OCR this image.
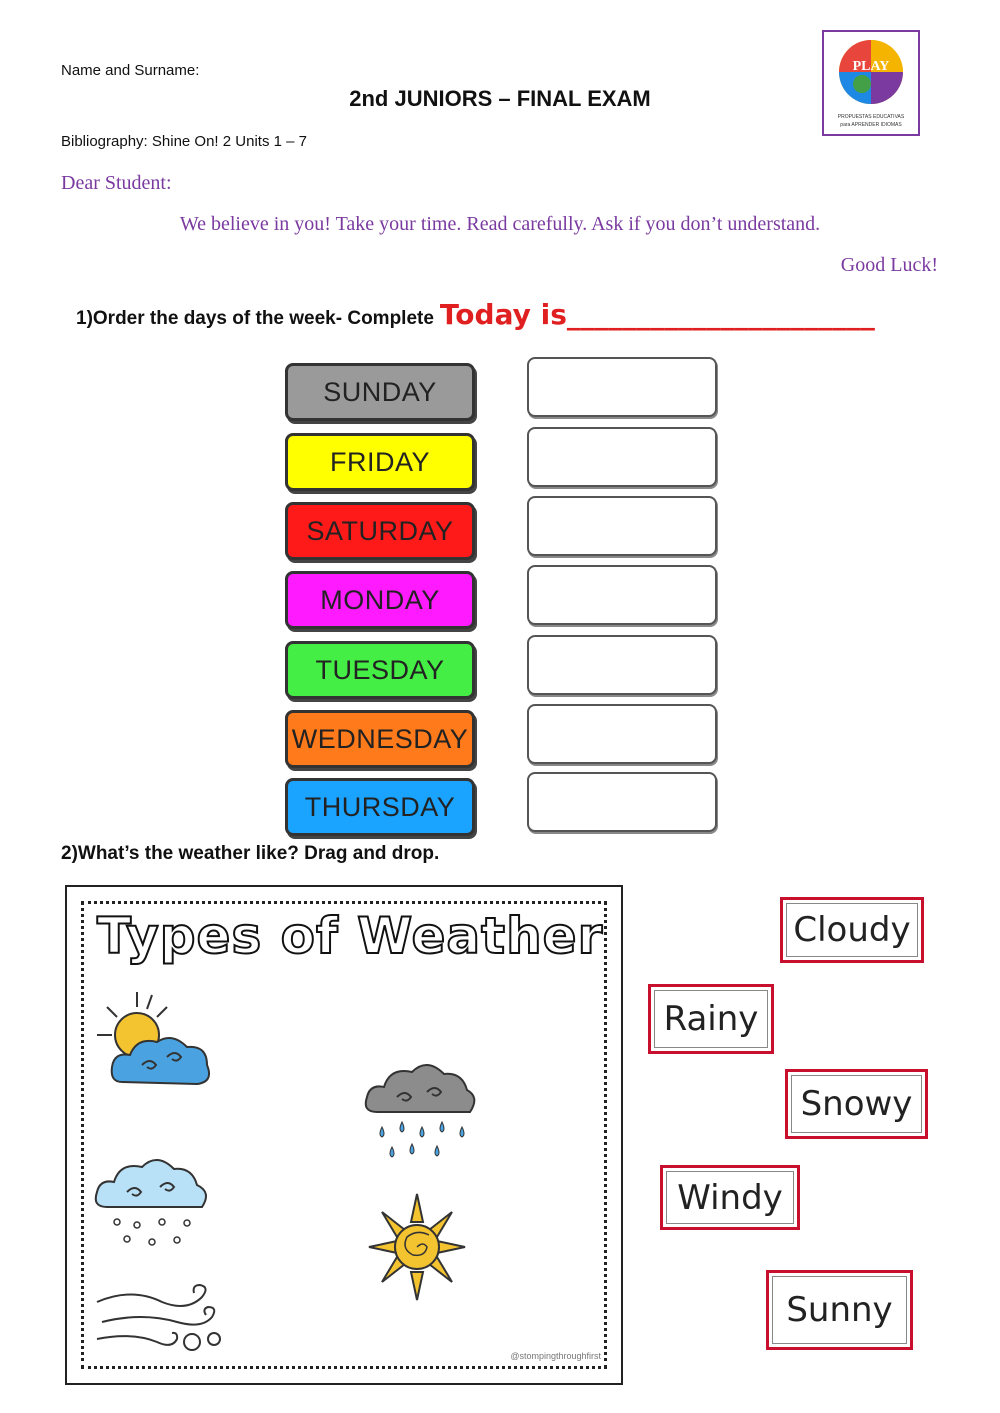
Name and Surname:
2nd JUNIORS – FINAL EXAM
Bibliography: Shine On! 2 Units 1 – 7
PLAY
PROPUESTAS EDUCATIVAS
para APRENDER IDIOMAS
Dear Student:
We believe in you! Take your time. Read carefully. Ask if you don’t understand.
Good Luck!
1)Order the days of the week- Complete Today is ______________________
SUNDAY
FRIDAY
SATURDAY
MONDAY
TUESDAY
WEDNESDAY
THURSDAY
2)What’s the weather like? Drag and drop.
Types of Weather
@stompingthroughfirst
Cloudy
Rainy
Snowy
Windy
Sunny
